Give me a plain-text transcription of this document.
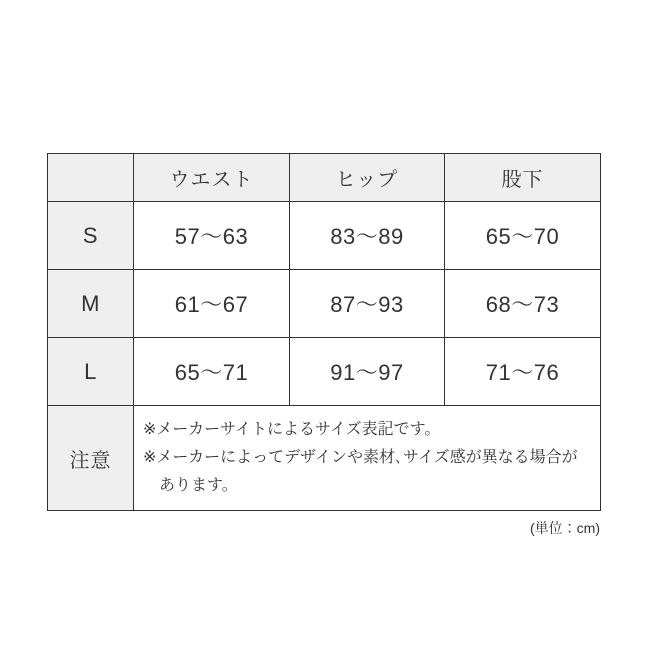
	ウエスト	ヒップ	股下
S	57〜63	83〜89	65〜70
M	61〜67	87〜93	68〜73
L	65〜71	91〜97	71〜76
注意	※メーカーサイトによるサイズ表記です。

※メーカーによってデザインや素材､サイズ感が異なる場合があります。		

(単位：cm)
